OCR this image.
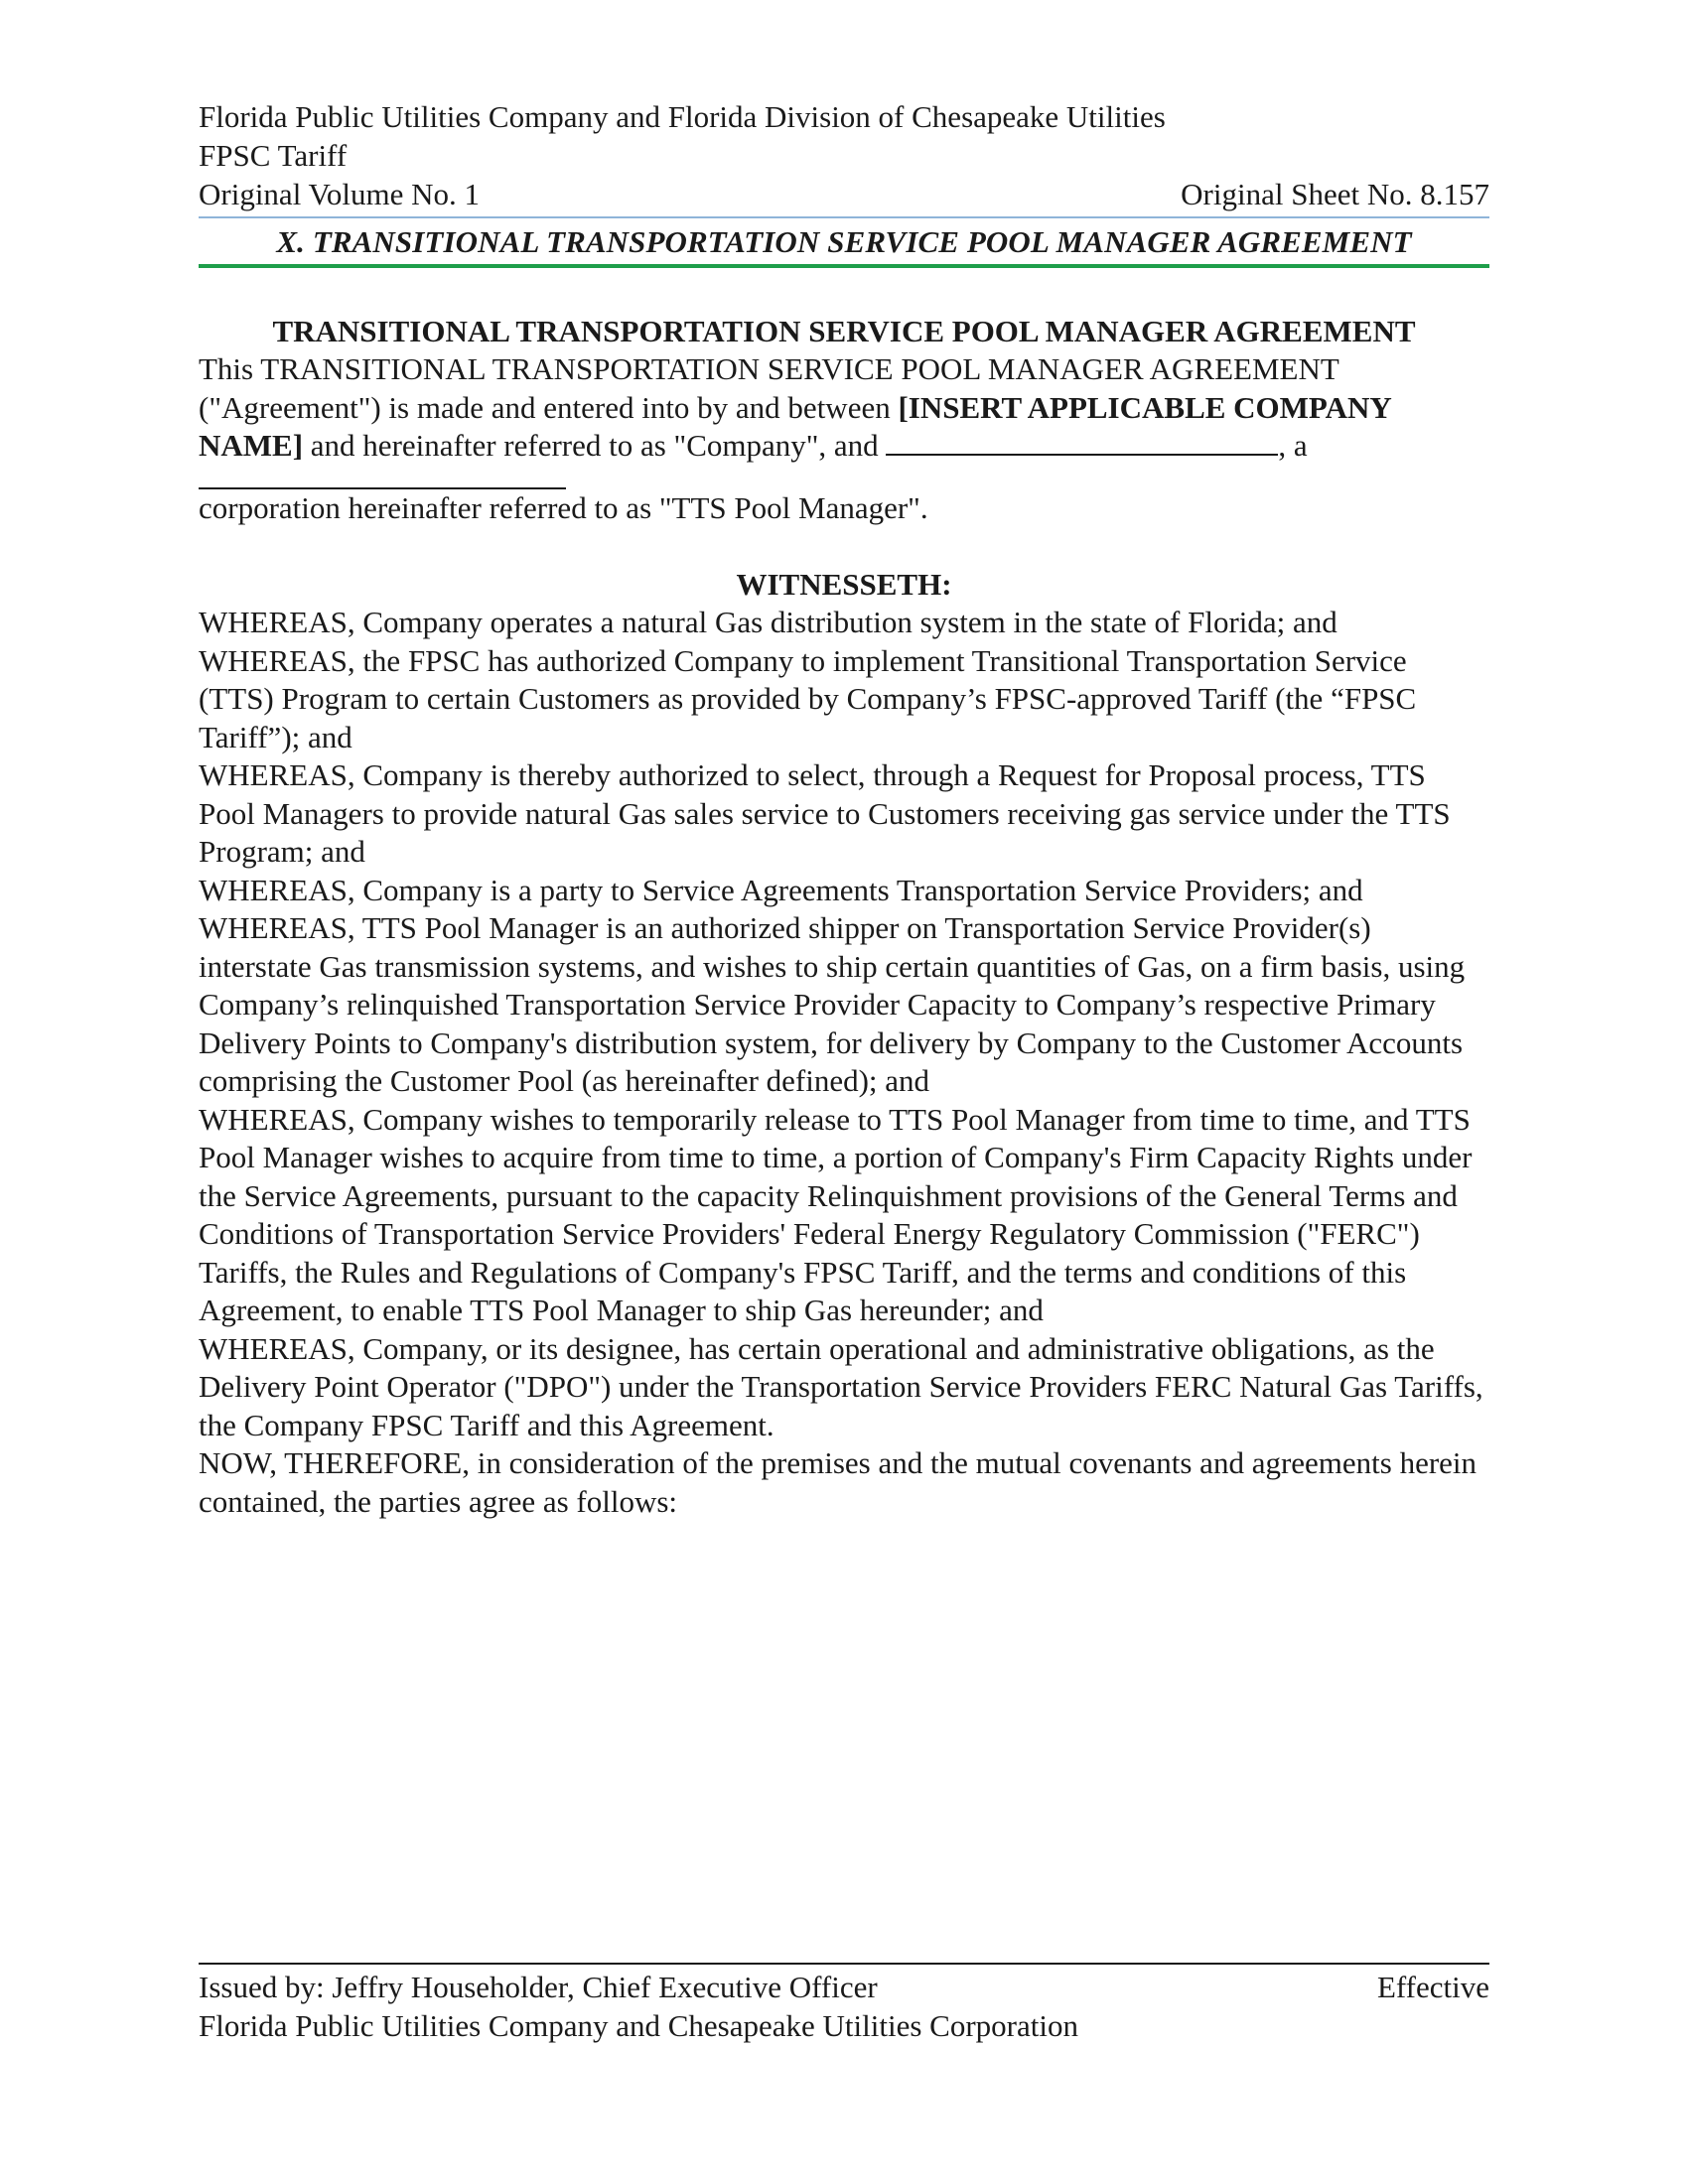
Florida Public Utilities Company and Florida Division of Chesapeake Utilities
FPSC Tariff
Original Volume No. 1	Original Sheet No. 8.157
X. TRANSITIONAL TRANSPORTATION SERVICE POOL MANAGER AGREEMENT
TRANSITIONAL TRANSPORTATION SERVICE POOL MANAGER AGREEMENT

This TRANSITIONAL TRANSPORTATION SERVICE POOL MANAGER AGREEMENT ("Agreement") is made and entered into by and between [INSERT APPLICABLE COMPANY NAME] and hereinafter referred to as "Company", and	, a

corporation hereinafter referred to as "TTS Pool Manager".

WITNESSETH:

WHEREAS, Company operates a natural Gas distribution system in the state of Florida; and

WHEREAS, the FPSC has authorized Company to implement Transitional Transportation Service (TTS) Program to certain Customers as provided by Company’s FPSC-approved Tariff (the “FPSC Tariff”); and

WHEREAS, Company is thereby authorized to select, through a Request for Proposal process, TTS Pool Managers to provide natural Gas sales service to Customers receiving gas service under the TTS Program; and

WHEREAS, Company is a party to Service Agreements Transportation Service Providers; and

WHEREAS, TTS Pool Manager is an authorized shipper on Transportation Service Provider(s) interstate Gas transmission systems, and wishes to ship certain quantities of Gas, on a firm basis, using Company’s relinquished Transportation Service Provider Capacity to Company’s respective Primary Delivery Points to Company's distribution system, for delivery by Company to the Customer Accounts comprising the Customer Pool (as hereinafter defined); and

WHEREAS, Company wishes to temporarily release to TTS Pool Manager from time to time, and TTS Pool Manager wishes to acquire from time to time, a portion of Company's Firm Capacity Rights under the Service Agreements, pursuant to the capacity Relinquishment provisions of the General Terms and Conditions of Transportation Service Providers' Federal Energy Regulatory Commission ("FERC") Tariffs, the Rules and Regulations of Company's FPSC Tariff, and the terms and conditions of this Agreement, to enable TTS Pool Manager to ship Gas hereunder; and

WHEREAS, Company, or its designee, has certain operational and administrative obligations, as the Delivery Point Operator ("DPO") under the Transportation Service Providers FERC Natural Gas Tariffs, the Company FPSC Tariff and this Agreement.

NOW, THEREFORE, in consideration of the premises and the mutual covenants and agreements herein contained, the parties agree as follows:

Issued by: Jeffry Householder, Chief Executive Officer	Effective
Florida Public Utilities Company and Chesapeake Utilities Corporation
